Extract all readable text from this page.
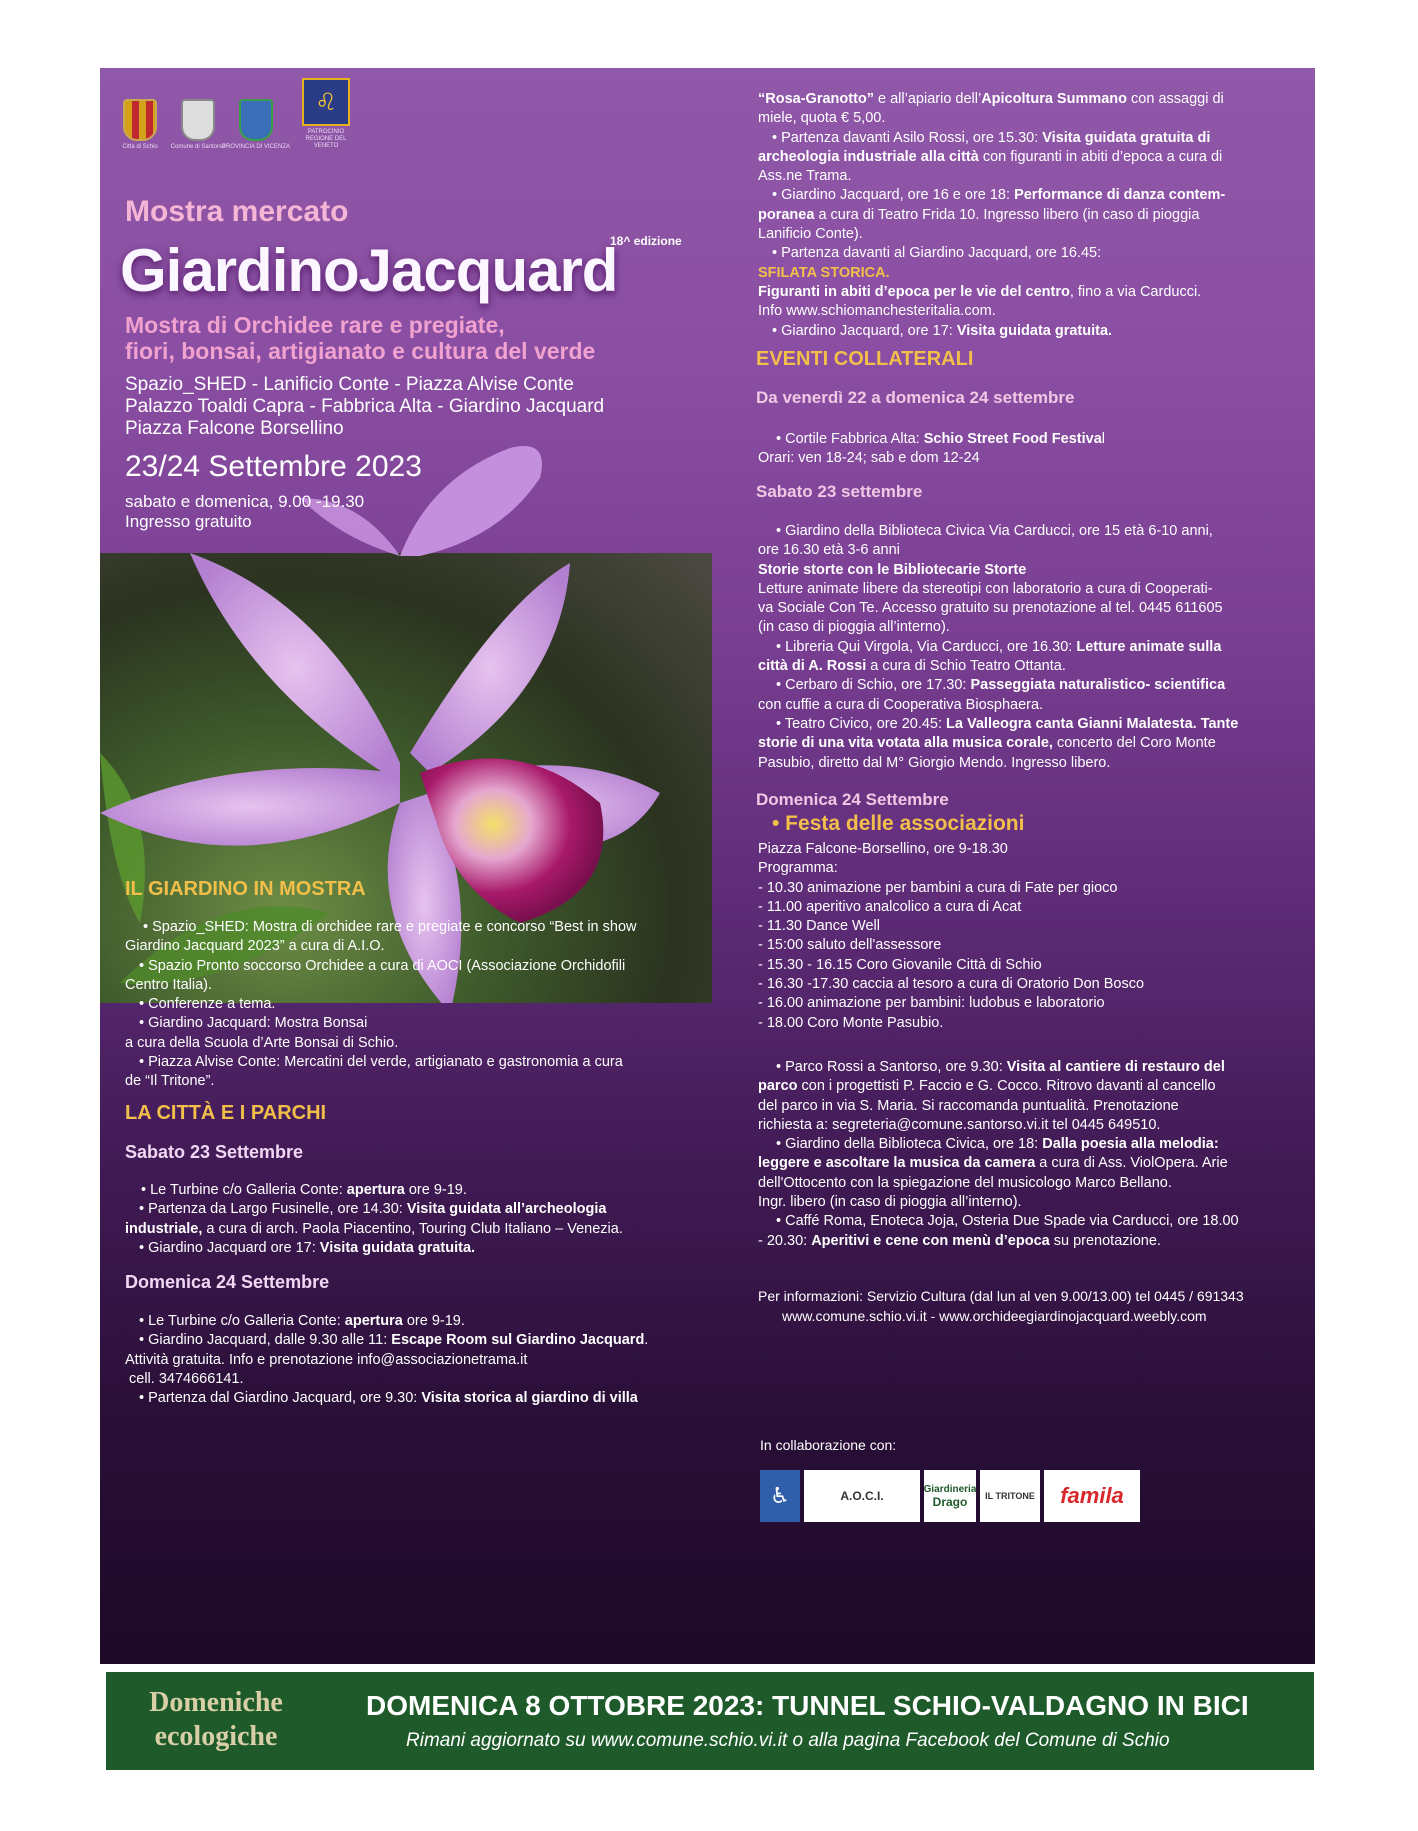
Città di Schio Comune di Santorso
PROVINCIA DI VICENZA
♌
PATROCINIO REGIONE DEL VENETO
Mostra mercato
18^ edizione
GiardinoJacquard
Mostra di Orchidee rare e pregiate,
fiori, bonsai, artigianato e cultura del verde
Spazio_SHED - Lanificio Conte - Piazza Alvise Conte
Palazzo Toaldi Capra - Fabbrica Alta - Giardino Jacquard
Piazza Falcone Borsellino
23/24 Settembre 2023
sabato e domenica, 9.00 -19.30
Ingresso gratuito
IL GIARDINO IN MOSTRA

• Spazio_SHED: Mostra di orchidee rare e pregiate e concorso “Best in show

Giardino Jacquard 2023” a cura di A.I.O.

• Spazio Pronto soccorso Orchidee a cura di AOCI (Associazione Orchidofili

Centro Italia).

• Conferenze a tema.

• Giardino Jacquard: Mostra Bonsai

a cura della Scuola d’Arte Bonsai di Schio.

• Piazza Alvise Conte: Mercatini del verde, artigianato e gastronomia a cura

de “Il Tritone”.

LA CITTÀ E I PARCHI
Sabato 23 Settembre

• Le Turbine c/o Galleria Conte: apertura ore 9-19.

• Partenza da Largo Fusinelle, ore 14.30: Visita guidata all’archeologia

industriale, a cura di arch. Paola Piacentino, Touring Club Italiano – Venezia.

• Giardino Jacquard ore 17: Visita guidata gratuita.

Domenica 24 Settembre

• Le Turbine c/o Galleria Conte: apertura ore 9-19.

• Giardino Jacquard, dalle 9.30 alle 11: Escape Room sul Giardino Jacquard.

Attività gratuita. Info e prenotazione info@associazionetrama.it

cell. 3474666141.

• Partenza dal Giardino Jacquard, ore 9.30: Visita storica al giardino di villa

“Rosa-Granotto” e all’apiario dell’Apicoltura Summano con assaggi di

miele, quota € 5,00.

• Partenza davanti Asilo Rossi, ore 15.30: Visita guidata gratuita di

archeologia industriale alla città con figuranti in abiti d’epoca a cura di

Ass.ne Trama.

• Giardino Jacquard, ore 16 e ore 18: Performance di danza contem-

poranea a cura di Teatro Frida 10. Ingresso libero (in caso di pioggia

Lanificio Conte).

• Partenza davanti al Giardino Jacquard, ore 16.45:

SFILATA STORICA.

Figuranti in abiti d’epoca per le vie del centro, fino a via Carducci.

Info www.schiomanchesteritalia.com.

• Giardino Jacquard, ore 17: Visita guidata gratuita.

EVENTI COLLATERALI
Da venerdì 22 a domenica 24 settembre

• Cortile Fabbrica Alta: Schio Street Food Festival

Orari: ven 18-24; sab e dom 12-24

Sabato 23 settembre

• Giardino della Biblioteca Civica Via Carducci, ore 15 età 6-10 anni,

ore 16.30 età 3-6 anni

Storie storte con le Bibliotecarie Storte

Letture animate libere da stereotipi con laboratorio a cura di Cooperati-

va Sociale Con Te. Accesso gratuito su prenotazione al tel. 0445 611605

(in caso di pioggia all’interno).

• Libreria Qui Virgola, Via Carducci, ore 16.30: Letture animate sulla

città di A. Rossi a cura di Schio Teatro Ottanta.

• Cerbaro di Schio, ore 17.30: Passeggiata naturalistico- scientifica

con cuffie a cura di Cooperativa Biosphaera.

• Teatro Civico, ore 20.45: La Valleogra canta Gianni Malatesta. Tante

storie di una vita votata alla musica corale, concerto del Coro Monte

Pasubio, diretto dal M° Giorgio Mendo. Ingresso libero.

Domenica 24 Settembre
• Festa delle associazioni

Piazza Falcone-Borsellino, ore 9-18.30

Programma:

- 10.30 animazione per bambini a cura di Fate per gioco

- 11.00 aperitivo analcolico a cura di Acat

- 11.30 Dance Well

- 15:00 saluto dell'assessore

- 15.30 - 16.15 Coro Giovanile Città di Schio

- 16.30 -17.30 caccia al tesoro a cura di Oratorio Don Bosco

- 16.00 animazione per bambini: ludobus e laboratorio

- 18.00 Coro Monte Pasubio.

• Parco Rossi a Santorso, ore 9.30: Visita al cantiere di restauro del

parco con i progettisti P. Faccio e G. Cocco. Ritrovo davanti al cancello

del parco in via S. Maria. Si raccomanda puntualità. Prenotazione

richiesta a: segreteria@comune.santorso.vi.it tel 0445 649510.

• Giardino della Biblioteca Civica, ore 18: Dalla poesia alla melodia:

leggere e ascoltare la musica da camera a cura di Ass. ViolOpera. Arie

dell'Ottocento con la spiegazione del musicologo Marco Bellano.

Ingr. libero (in caso di pioggia all’interno).

• Caffé Roma, Enoteca Joja, Osteria Due Spade via Carducci, ore 18.00

- 20.30: Aperitivi e cene con menù d’epoca su prenotazione.

Per informazioni: Servizio Cultura (dal lun al ven 9.00/13.00) tel 0445 / 691343

www.comune.schio.vi.it - www.orchideegiardinojacquard.weebly.com

In collaborazione con:
♿	A.O.C.I.	Giardineria
Drago IL TRITONE famila
Domeniche
ecologiche
DOMENICA 8 OTTOBRE 2023: TUNNEL SCHIO-VALDAGNO IN BICI
Rimani aggiornato su www.comune.schio.vi.it o alla pagina Facebook del Comune di Schio
